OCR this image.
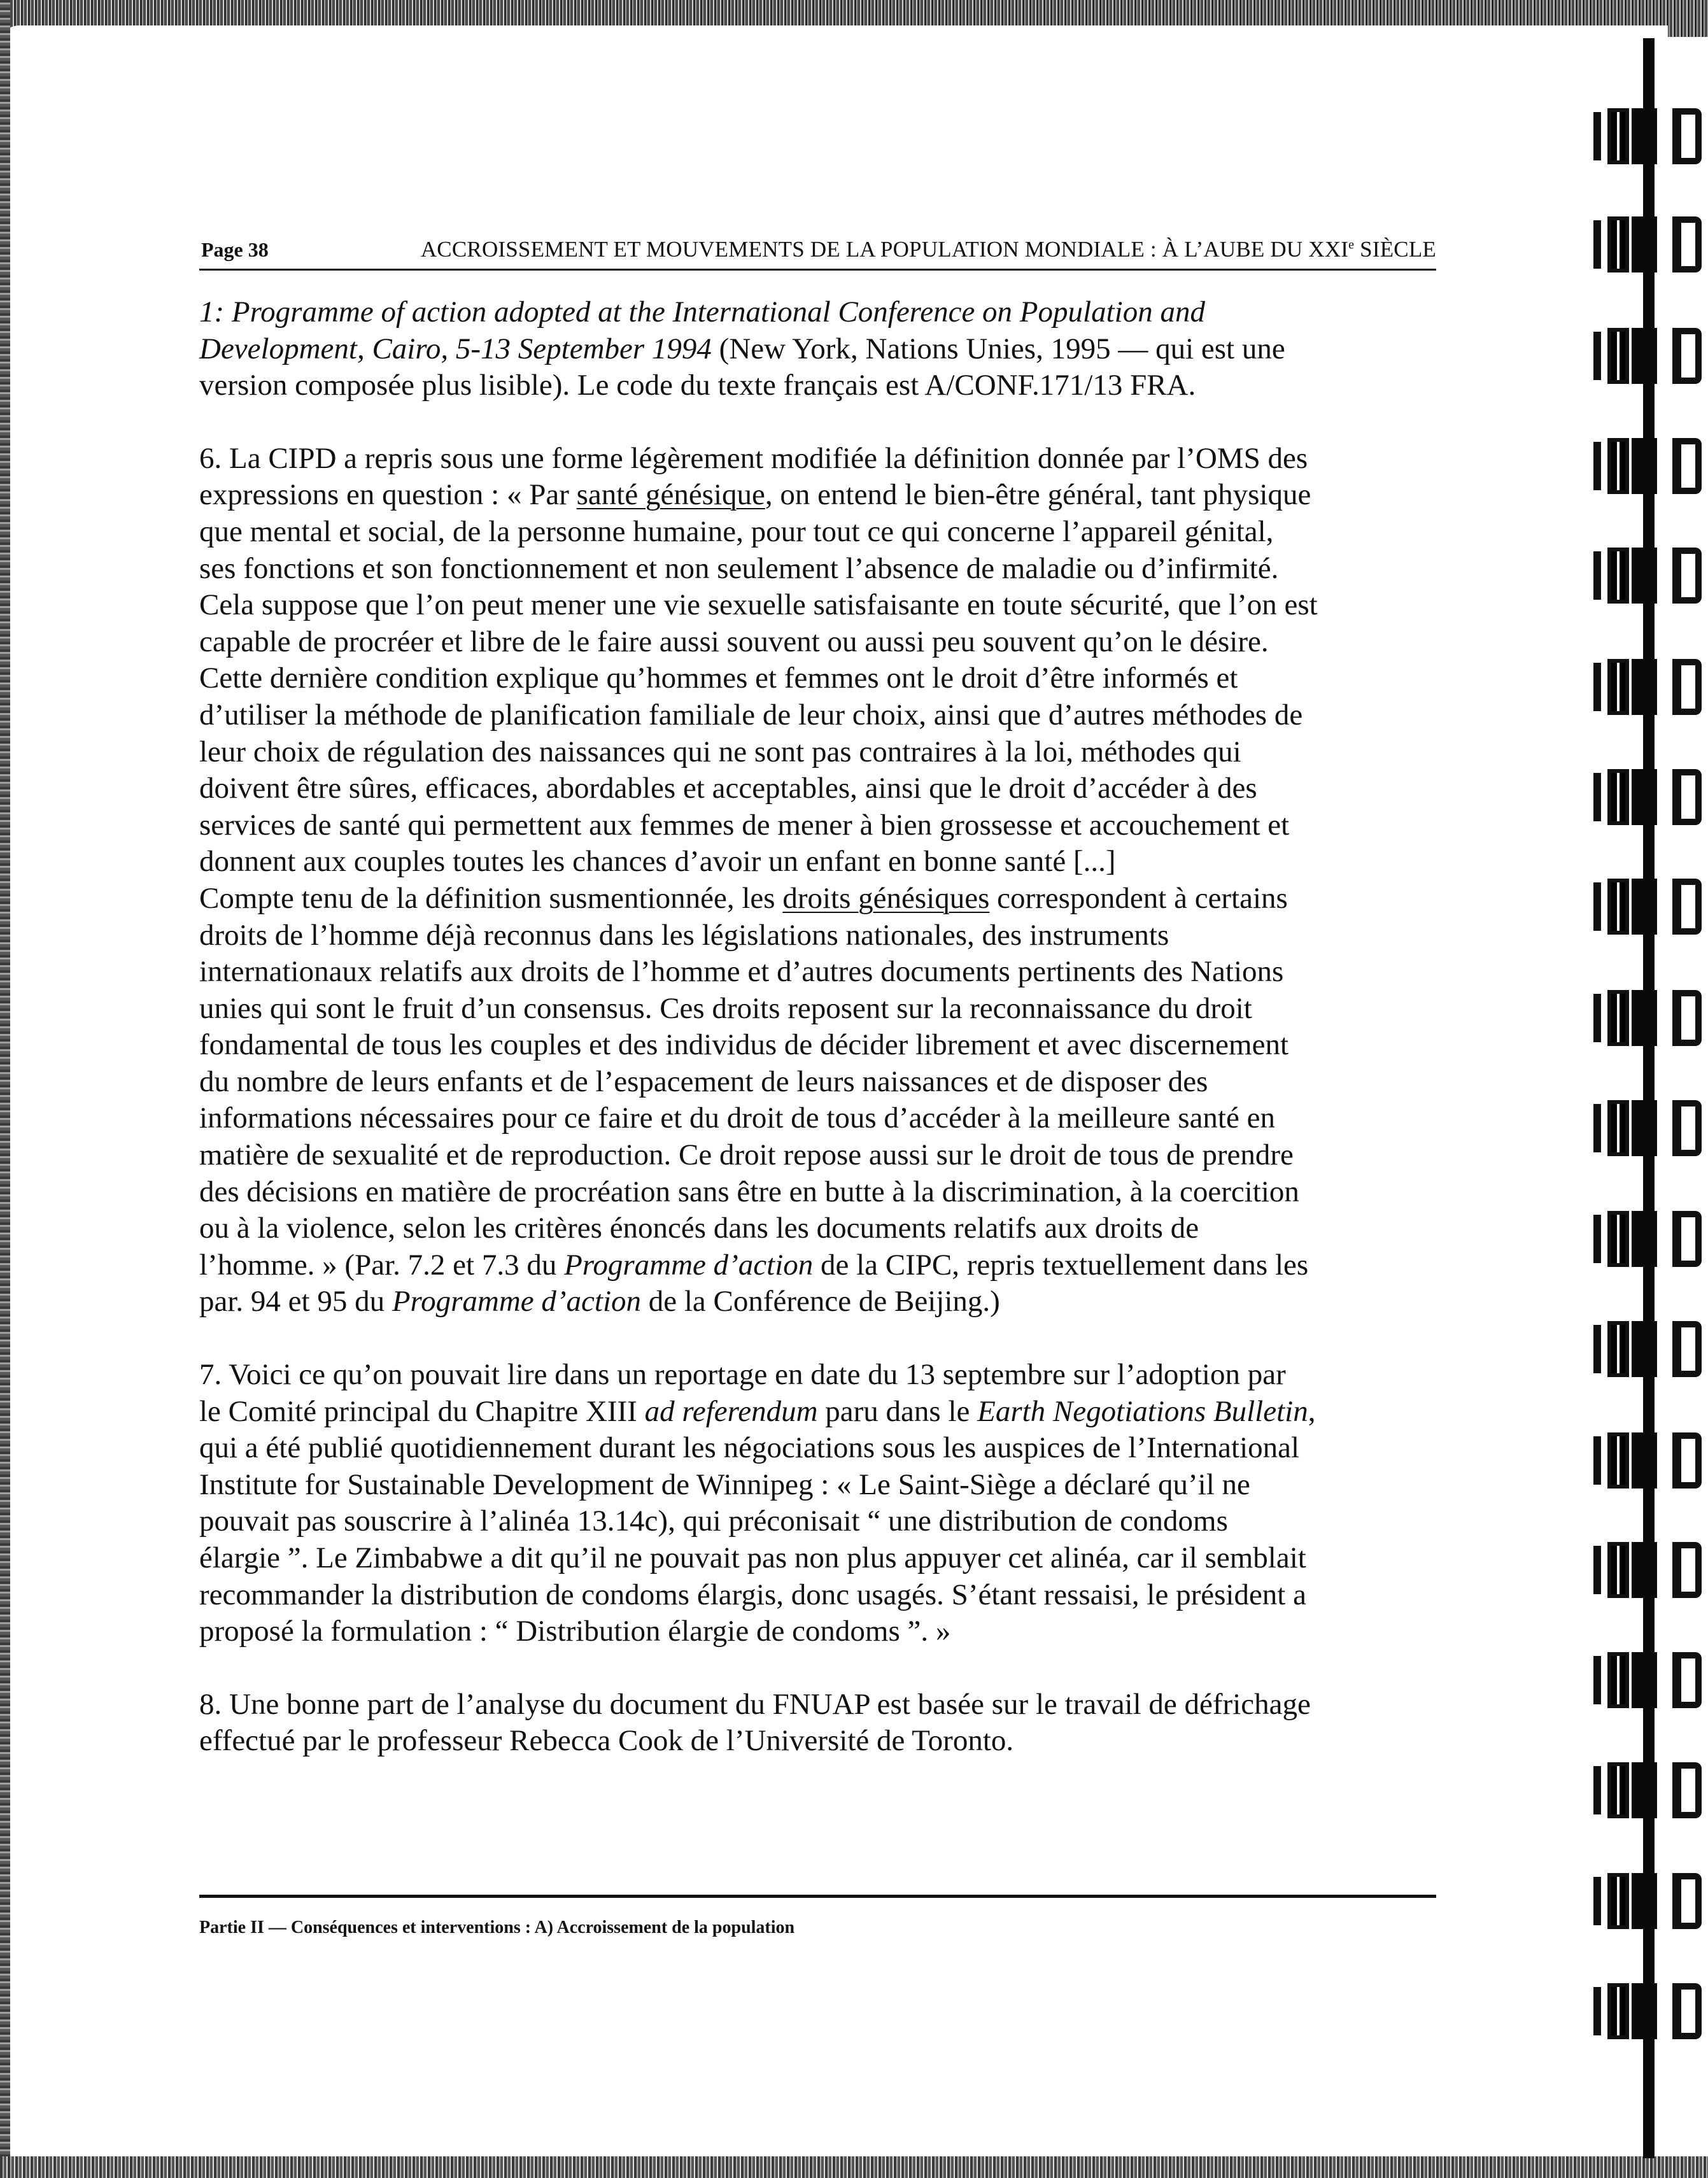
Page 38	ACCROISSEMENT ET MOUVEMENTS DE LA POPULATION MONDIALE : À L’AUBE DU XXIe SIÈCLE
1: Programme of action adopted at the International Conference on Population and
Development, Cairo, 5-13 September 1994 (New York, Nations Unies, 1995 — qui est une
version composée plus lisible). Le code du texte français est A/CONF.171/13 FRA.
6. La CIPD a repris sous une forme légèrement modifiée la définition donnée par l’OMS des
expressions en question : « Par santé génésique, on entend le bien-être général, tant physique
que mental et social, de la personne humaine, pour tout ce qui concerne l’appareil génital,
ses fonctions et son fonctionnement et non seulement l’absence de maladie ou d’infirmité.
Cela suppose que l’on peut mener une vie sexuelle satisfaisante en toute sécurité, que l’on est
capable de procréer et libre de le faire aussi souvent ou aussi peu souvent qu’on le désire.
Cette dernière condition explique qu’hommes et femmes ont le droit d’être informés et
d’utiliser la méthode de planification familiale de leur choix, ainsi que d’autres méthodes de
leur choix de régulation des naissances qui ne sont pas contraires à la loi, méthodes qui
doivent être sûres, efficaces, abordables et acceptables, ainsi que le droit d’accéder à des
services de santé qui permettent aux femmes de mener à bien grossesse et accouchement et
donnent aux couples toutes les chances d’avoir un enfant en bonne santé [...]
Compte tenu de la définition susmentionnée, les droits génésiques correspondent à certains
droits de l’homme déjà reconnus dans les législations nationales, des instruments
internationaux relatifs aux droits de l’homme et d’autres documents pertinents des Nations
unies qui sont le fruit d’un consensus. Ces droits reposent sur la reconnaissance du droit
fondamental de tous les couples et des individus de décider librement et avec discernement
du nombre de leurs enfants et de l’espacement de leurs naissances et de disposer des
informations nécessaires pour ce faire et du droit de tous d’accéder à la meilleure santé en
matière de sexualité et de reproduction. Ce droit repose aussi sur le droit de tous de prendre
des décisions en matière de procréation sans être en butte à la discrimination, à la coercition
ou à la violence, selon les critères énoncés dans les documents relatifs aux droits de
l’homme. » (Par. 7.2 et 7.3 du Programme d’action de la CIPC, repris textuellement dans les
par. 94 et 95 du Programme d’action de la Conférence de Beijing.)
7. Voici ce qu’on pouvait lire dans un reportage en date du 13 septembre sur l’adoption par
le Comité principal du Chapitre XIII ad referendum paru dans le Earth Negotiations Bulletin,
qui a été publié quotidiennement durant les négociations sous les auspices de l’International
Institute for Sustainable Development de Winnipeg : « Le Saint-Siège a déclaré qu’il ne
pouvait pas souscrire à l’alinéa 13.14c), qui préconisait “ une distribution de condoms
élargie ”. Le Zimbabwe a dit qu’il ne pouvait pas non plus appuyer cet alinéa, car il semblait
recommander la distribution de condoms élargis, donc usagés. S’étant ressaisi, le président a
proposé la formulation : “ Distribution élargie de condoms ”. »
8. Une bonne part de l’analyse du document du FNUAP est basée sur le travail de défrichage
effectué par le professeur Rebecca Cook de l’Université de Toronto.
Partie II — Conséquences et interventions : A) Accroissement de la population
